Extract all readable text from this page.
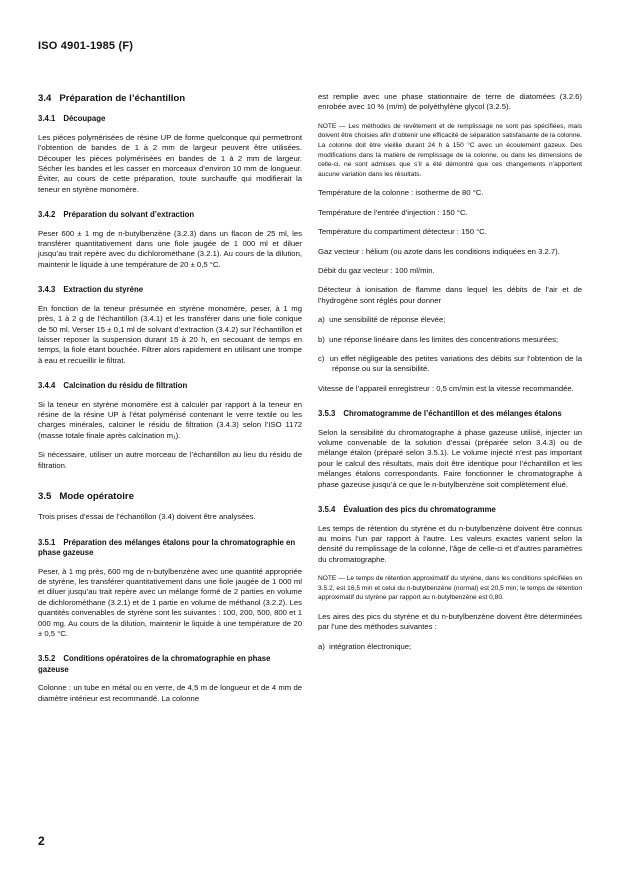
ISO 4901-1985 (F)
3.4 Préparation de l’échantillon
3.4.1 Découpage

Les pièces polymérisées de résine UP de forme quelconque qui permettront l’obtention de bandes de 1 à 2 mm de largeur peuvent être utilisées. Découper les pièces polymérisées en bandes de 1 à 2 mm de largeur. Sécher les bandes et les casser en morceaux d’environ 10 mm de longueur. Éviter, au cours de cette préparation, toute surchauffe qui modifierait la teneur en styrène monomère.

3.4.2 Préparation du solvant d’extraction

Peser 600 ± 1 mg de n-butylbenzène (3.2.3) dans un flacon de 25 ml, les transférer quantitativement dans une fiole jaugée de 1 000 ml et diluer jusqu’au trait repère avec du dichlorométhane (3.2.1). Au cours de la dilution, maintenir le liquide à une température de 20 ± 0,5 °C.

3.4.3 Extraction du styrène

En fonction de la teneur présumée en styrène monomère, peser, à 1 mg près, 1 à 2 g de l’échantillon (3.4.1) et les transférer dans une fiole conique de 50 ml. Verser 15 ± 0,1 ml de solvant d’extraction (3.4.2) sur l’échantillon et laisser reposer la suspension durant 15 à 20 h, en secouant de temps en temps, la fiole étant bouchée. Filtrer alors rapidement en utilisant une trompe à eau et recueillir le filtrat.

3.4.4 Calcination du résidu de filtration

Si la teneur en styrène monomère est à calculer par rapport à la teneur en résine de la résine UP à l’état polymérisé contenant le verre textile ou les charges minérales, calciner le résidu de filtration (3.4.3) selon l’ISO 1172 (masse totale finale après calcination m₁).

Si nécessaire, utiliser un autre morceau de l’échantillon au lieu du résidu de filtration.

3.5 Mode opératoire

Trois prises d’essai de l’échantillon (3.4) doivent être analysées.

3.5.1 Préparation des mélanges étalons pour la chromatographie en phase gazeuse

Peser, à 1 mg près, 600 mg de n-butylbenzène avec une quantité appropriée de styrène, les transférer quantitativement dans une fiole jaugée de 1 000 ml et diluer jusqu’au trait repère avec un mélange formé de 2 parties en volume de dichlorométhane (3.2.1) et de 1 partie en volume de méthanol (3.2.2). Les quantités convenables de styrène sont les suivantes : 100, 200, 500, 800 et 1 000 mg. Au cours de la dilution, maintenir le liquide à une température de 20 ± 0,5 °C.

3.5.2 Conditions opératoires de la chromatographie en phase gazeuse

Colonne : un tube en métal ou en verre, de 4,5 m de longueur et de 4 mm de diamètre intérieur est recommandé. La colonne

est remplie avec une phase stationnaire de terre de diatomées (3.2.6) enrobée avec 10 % (m/m) de polyéthylène glycol (3.2.5).

NOTE — Les méthodes de revêtement et de remplissage ne sont pas spécifiées, mais doivent être choisies afin d’obtenir une efficacité de séparation satisfaisante de la colonne. La colonne doit être vieillie durant 24 h à 150 °C avec un écoulement gazeux. Des modifications dans la matière de remplissage de la colonne, ou dans les dimensions de celle-ci, ne sont admises que s’il a été démontré que ces changements n’apportent aucune variation dans les résultats.

Température de la colonne : isotherme de 80 °C.

Température de l’entrée d’injection : 150 °C.

Température du compartiment détecteur : 150 °C.

Gaz vecteur : hélium (ou azote dans les conditions indiquées en 3.2.7).

Débit du gaz vecteur : 100 ml/min.

Détecteur à ionisation de flamme dans lequel les débits de l’air et de l’hydrogène sont réglés pour donner

a)  une sensibilité de réponse élevée;

b)  une réponse linéaire dans les limites des concentrations mesurées;

c)  un effet négligeable des petites variations des débits sur l’obtention de la réponse ou sur la sensibilité.

Vitesse de l’appareil enregistreur : 0,5 cm/min est la vitesse recommandée.

3.5.3 Chromatogramme de l’échantillon et des mélanges étalons

Selon la sensibilité du chromatographe à phase gazeuse utilisé, injecter un volume convenable de la solution d’essai (préparée selon 3.4.3) ou de mélange étalon (préparé selon 3.5.1). Le volume injecté n’est pas important pour le calcul des résultats, mais doit être identique pour l’échantillon et les mélanges étalons correspondants. Faire fonctionner le chromatographe à phase gazeuse jusqu’à ce que le n-butylbenzène soit complètement élué.

3.5.4 Évaluation des pics du chromatogramme

Les temps de rétention du styrène et du n-butylbenzène doivent être connus au moins l’un par rapport à l’autre. Les valeurs exactes varient selon la densité du remplissage de la colonne, l’âge de celle-ci et d’autres paramètres du chromatographe.

NOTE — Le temps de rétention approximatif du styrène, dans les conditions spécifiées en 3.5.2, est 16,5 min et celui du n-butylbenzène (normal) est 20,5 min; le temps de rétention approximatif du styrène par rapport au n-butylbenzène est 0,80.

Les aires des pics du styrène et du n-butylbenzène doivent être déterminées par l’une des méthodes suivantes :

a)  intégration électronique;

2
